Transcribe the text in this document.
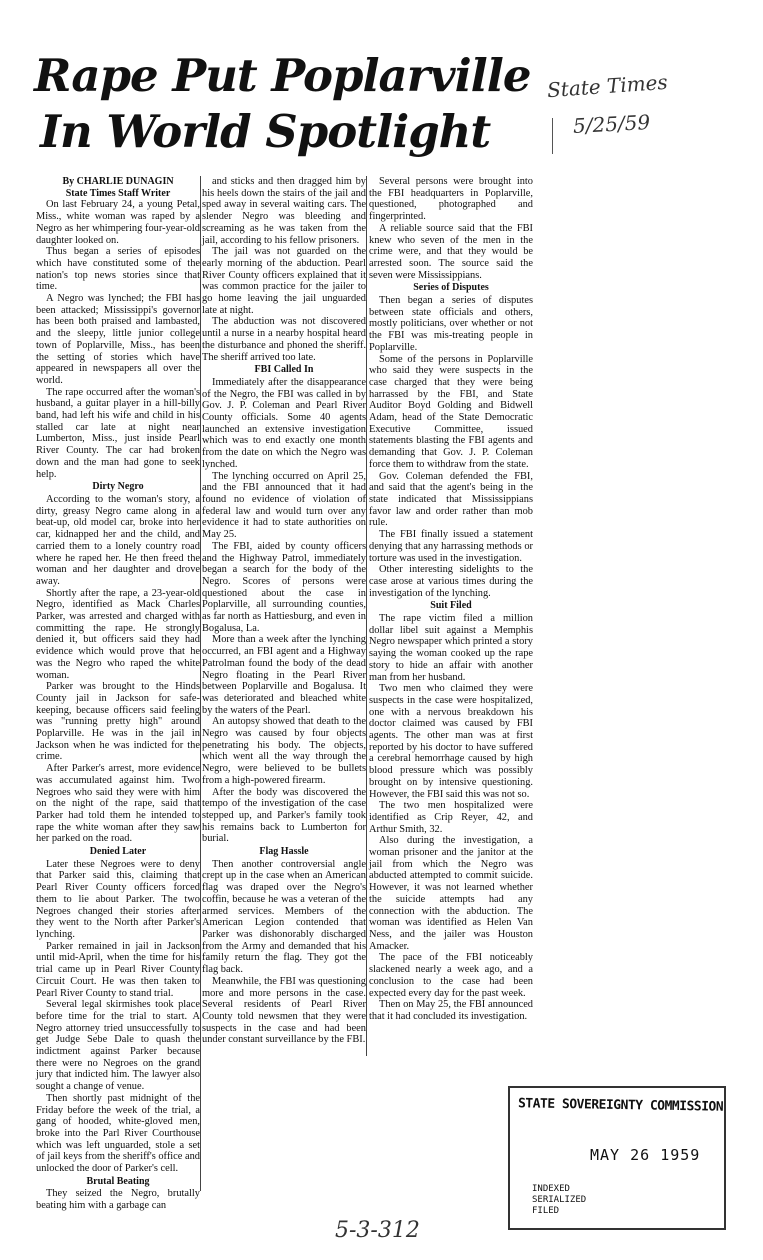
Rape Put Poplarville
In World Spotlight
State Times
5/25/59

By CHARLIE DUNAGIN

State Times Staff Writer

On last February 24, a young Petal, Miss., white woman was raped by a Negro as her whimpering four-year-old daughter looked on.

Thus began a series of episodes which have constituted some of the nation's top news stories since that time.

A Negro was lynched; the FBI has been attacked; Mississippi's governor has been both praised and lambasted, and the sleepy, little junior college town of Poplarville, Miss., has been the setting of stories which have appeared in newspapers all over the world.

The rape occurred after the woman's husband, a guitar player in a hill-billy band, had left his wife and child in his stalled car late at night near Lumberton, Miss., just inside Pearl River County. The car had broken down and the man had gone to seek help.

Dirty Negro

According to the woman's story, a dirty, greasy Negro came along in a beat-up, old model car, broke into her car, kidnapped her and the child, and carried them to a lonely country road where he raped her. He then freed the woman and her daughter and drove away.

Shortly after the rape, a 23-year-old Negro, identified as Mack Charles Parker, was arrested and charged with committing the rape. He strongly denied it, but officers said they had evidence which would prove that he was the Negro who raped the white woman.

Parker was brought to the Hinds County jail in Jackson for safe-keeping, because officers said feeling was "running pretty high" around Poplarville. He was in the jail in Jackson when he was indicted for the crime.

After Parker's arrest, more evidence was accumulated against him. Two Negroes who said they were with him on the night of the rape, said that Parker had told them he intended to rape the white woman after they saw her parked on the road.

Denied Later

Later these Negroes were to deny that Parker said this, claiming that Pearl River County officers forced them to lie about Parker. The two Negroes changed their stories after they went to the North after Parker's lynching.

Parker remained in jail in Jackson until mid-April, when the time for his trial came up in Pearl River County Circuit Court. He was then taken to Pearl River County to stand trial.

Several legal skirmishes took place before time for the trial to start. A Negro attorney tried unsuccessfully to get Judge Sebe Dale to quash the indictment against Parker because there were no Negroes on the grand jury that indicted him. The lawyer also sought a change of venue.

Then shortly past midnight of the Friday before the week of the trial, a gang of hooded, white-gloved men, broke into the Parl River Courthouse which was left unguarded, stole a set of jail keys from the sheriff's office and unlocked the door of Parker's cell.

Brutal Beating

They seized the Negro, brutally beating him with a garbage can

and sticks and then dragged him by his heels down the stairs of the jail and sped away in several waiting cars. The slender Negro was bleeding and screaming as he was taken from the jail, according to his fellow prisoners.

The jail was not guarded on the early morning of the abduction. Pearl River County officers explained that it was common practice for the jailer to go home leaving the jail unguarded late at night.

The abduction was not discovered until a nurse in a nearby hospital heard the disturbance and phoned the sheriff. The sheriff arrived too late.

FBI Called In

Immediately after the disappearance of the Negro, the FBI was called in by Gov. J. P. Coleman and Pearl River County officials. Some 40 agents launched an extensive investigation which was to end exactly one month from the date on which the Negro was lynched.

The lynching occurred on April 25, and the FBI announced that it had found no evidence of violation of federal law and would turn over any evidence it had to state authorities on May 25.

The FBI, aided by county officers and the Highway Patrol, immediately began a search for the body of the Negro. Scores of persons were questioned about the case in Poplarville, all surrounding counties, as far north as Hattiesburg, and even in Bogalusa, La.

More than a week after the lynching occurred, an FBI agent and a Highway Patrolman found the body of the dead Negro floating in the Pearl River between Poplarville and Bogalusa. It was deteriorated and bleached white by the waters of the Pearl.

An autopsy showed that death to the Negro was caused by four objects penetrating his body. The objects, which went all the way through the Negro, were believed to be bullets from a high-powered firearm.

After the body was discovered the tempo of the investigation of the case stepped up, and Parker's family took his remains back to Lumberton for burial.

Flag Hassle

Then another controversial angle crept up in the case when an American flag was draped over the Negro's coffin, because he was a veteran of the armed services. Members of the American Legion contended that Parker was dishonorably discharged from the Army and demanded that his family return the flag. They got the flag back.

Meanwhile, the FBI was questioning more and more persons in the case. Several residents of Pearl River County told newsmen that they were suspects in the case and had been under constant surveillance by the FBI.

Several persons were brought into the FBI headquarters in Poplarville, questioned, photographed and fingerprinted.

A reliable source said that the FBI knew who seven of the men in the crime were, and that they would be arrested soon. The source said the seven were Mississippians.

Series of Disputes

Then began a series of disputes between state officials and others, mostly politicians, over whether or not the FBI was mis-treating people in Poplarville.

Some of the persons in Poplarville who said they were suspects in the case charged that they were being harrassed by the FBI, and State Auditor Boyd Golding and Bidwell Adam, head of the State Democratic Executive Committee, issued statements blasting the FBI agents and demanding that Gov. J. P. Coleman force them to withdraw from the state.

Gov. Coleman defended the FBI, and said that the agent's being in the state indicated that Mississippians favor law and order rather than mob rule.

The FBI finally issued a statement denying that any harrassing methods or torture was used in the investigation.

Other interesting sidelights to the case arose at various times during the investigation of the lynching.

Suit Filed

The rape victim filed a million dollar libel suit against a Memphis Negro newspaper which printed a story saying the woman cooked up the rape story to hide an affair with another man from her husband.

Two men who claimed they were suspects in the case were hospitalized, one with a nervous breakdown his doctor claimed was caused by FBI agents. The other man was at first reported by his doctor to have suffered a cerebral hemorrhage caused by high blood pressure which was possibly brought on by intensive questioning. However, the FBI said this was not so.

The two men hospitalized were identified as Crip Reyer, 42, and Arthur Smith, 32.

Also during the investigation, a woman prisoner and the janitor at the jail from which the Negro was abducted attempted to commit suicide. However, it was not learned whether the suicide attempts had any connection with the abduction. The woman was identified as Helen Van Ness, and the jailer was Houston Amacker.

The pace of the FBI noticeably slackened nearly a week ago, and a conclusion to the case had been expected every day for the past week.

Then on May 25, the FBI announced that it had concluded its investigation.

STATE SOVEREIGNTY COMMISSION
MAY 26 1959
INDEXED
SERIALIZED
FILED
5-3-312
